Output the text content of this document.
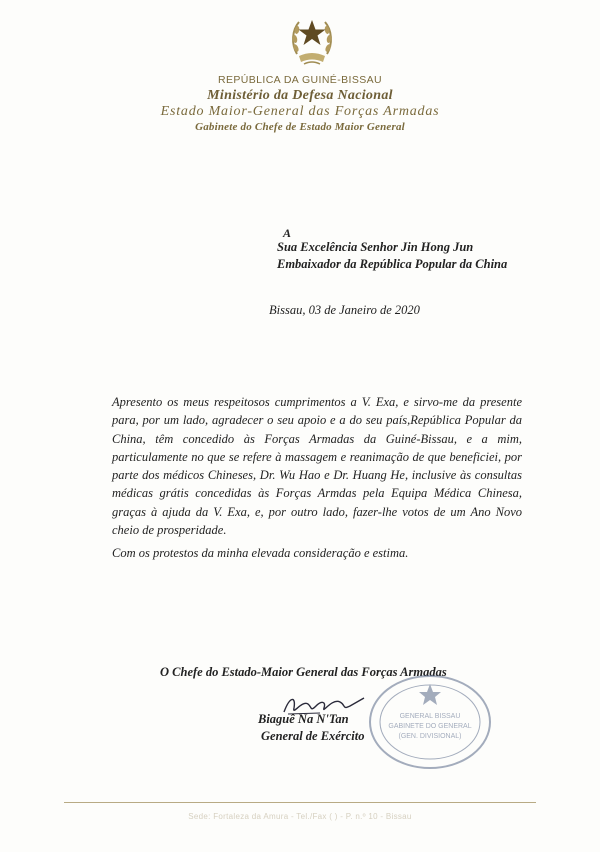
REPÚBLICA DA GUINÉ-BISSAU
Ministério da Defesa Nacional
Estado Maior-General das Forças Armadas
Gabinete do Chefe de Estado Maior General
A
Sua Excelência Senhor Jin Hong Jun
Embaixador da República Popular da China
Bissau, 03 de Janeiro de 2020
Apresento os meus respeitosos cumprimentos a V. Exa, e sirvo-me da presente para, por um lado, agradecer o seu apoio e a do seu país,República Popular da China, têm concedido às Forças Armadas da Guiné-Bissau, e a mim, particulamente no que se refere à massagem e reanimação de que beneficiei, por parte dos médicos Chineses, Dr. Wu Hao e Dr. Huang He, inclusive às consultas médicas grátis concedidas às Forças Armdas pela Equipa Médica Chinesa, graças à ajuda da V. Exa, e, por outro lado, fazer-lhe votos de um Ano Novo cheio de prosperidade.
Com os protestos da minha elevada consideração e estima.
O Chefe do Estado-Maior General das Forças Armadas
GENERAL BISSAU
GABINETE DO GENERAL
(GEN. DIVISIONAL)
Biaguê Na N'Tan
General de Exército
Sede: Fortaleza da Amura - Tel./Fax ( ) - P. n.º 10 - Bissau
